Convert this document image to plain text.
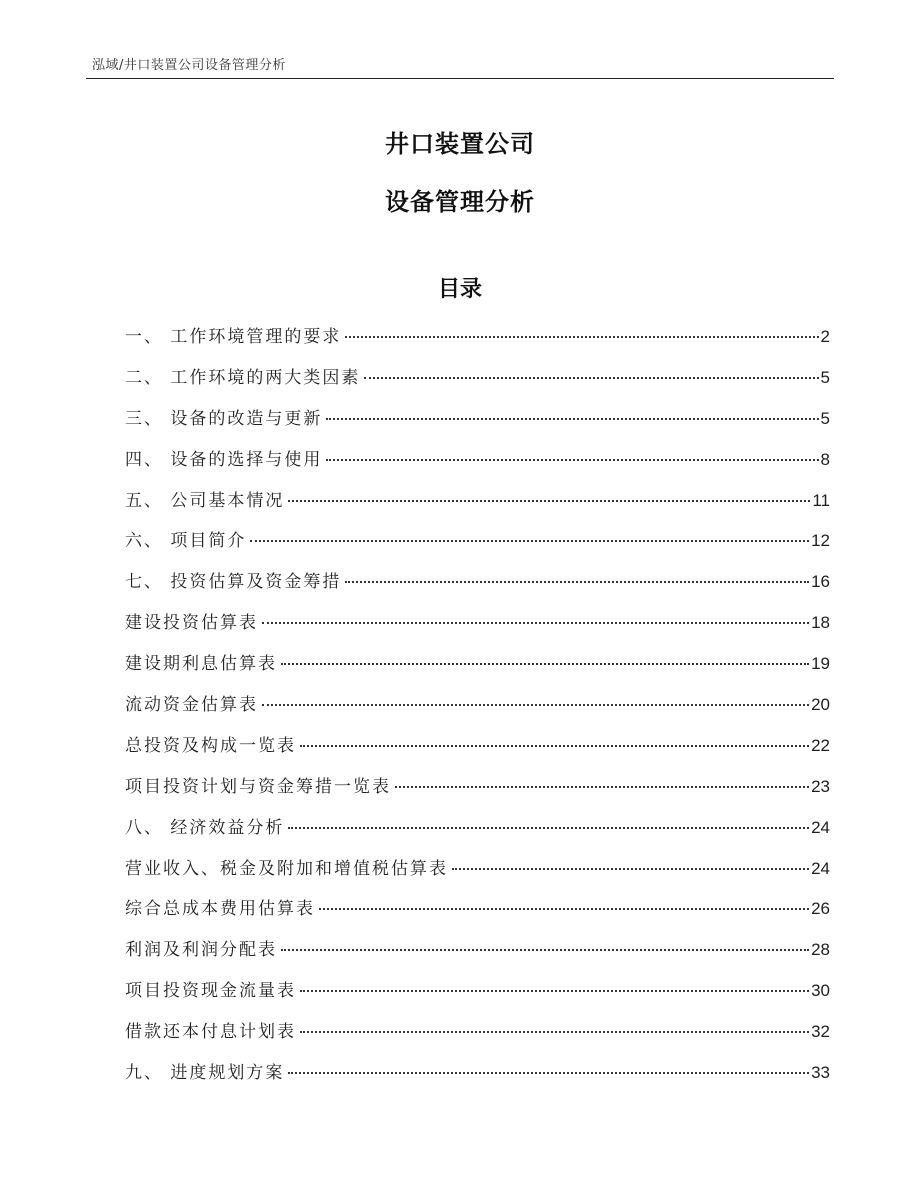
泓域/井口装置公司设备管理分析
井口装置公司
设备管理分析
目录
一、 工作环境管理的要求	2
二、 工作环境的两大类因素	5
三、 设备的改造与更新	5
四、 设备的选择与使用	8
五、 公司基本情况	11
六、 项目简介	12
七、 投资估算及资金筹措	16
建设投资估算表	18
建设期利息估算表	19
流动资金估算表	20
总投资及构成一览表	22
项目投资计划与资金筹措一览表	23
八、 经济效益分析	24
营业收入、税金及附加和增值税估算表	24
综合总成本费用估算表	26
利润及利润分配表	28
项目投资现金流量表	30
借款还本付息计划表	32
九、 进度规划方案	33
